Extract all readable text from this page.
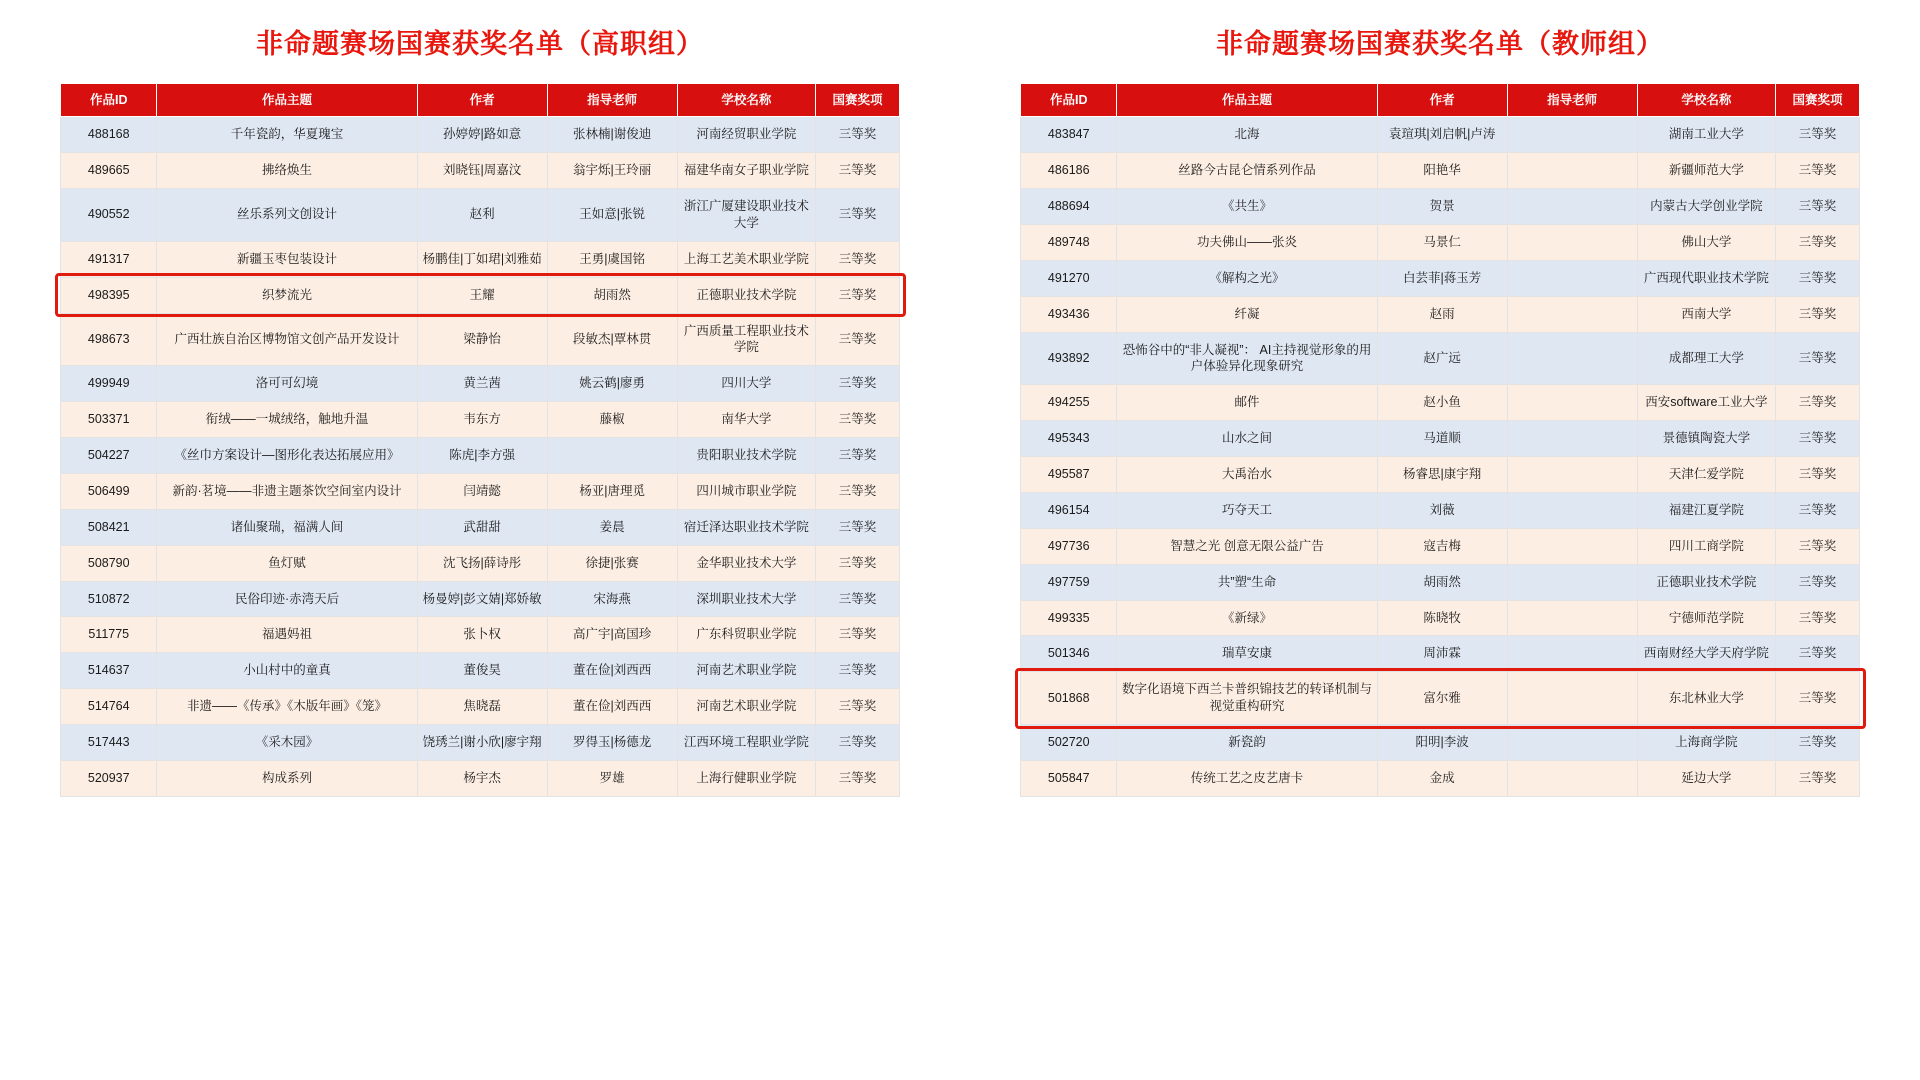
非命题赛场国赛获奖名单（高职组）
作品ID	作品主题	作者	指导老师	学校名称	国赛奖项
488168	千年瓷韵，华夏瑰宝	孙婷婷|路如意	张林楠|谢俊迪	河南经贸职业学院	三等奖
489665	拂络焕生	刘晓钰|周嘉汶	翁宇烁|王玲丽	福建华南女子职业学院	三等奖
490552	丝乐系列文创设计	赵利	王如意|张锐	浙江广厦建设职业技术大学	三等奖
491317	新疆玉枣包装设计	杨鹏佳|丁如珺|刘雅茹	王勇|虞国铭	上海工艺美术职业学院	三等奖
498395	织梦流光	王耀	胡雨然	正德职业技术学院	三等奖
498673	广西壮族自治区博物馆文创产品开发设计	梁静怡	段敏杰|覃林贯	广西质量工程职业技术学院	三等奖
499949	洛可可幻境	黄兰茜	姚云鹤|廖勇	四川大学	三等奖
503371	衔绒——一城绒络，触地升温	韦东方	藤椒	南华大学	三等奖
504227	《丝巾方案设计—图形化表达拓展应用》	陈虎|李方强		贵阳职业技术学院	三等奖
506499	新韵·茗境——非遗主题茶饮空间室内设计	闫靖懿	杨亚|唐理觅	四川城市职业学院	三等奖
508421	诸仙聚瑞，福满人间	武甜甜	姜晨	宿迁泽达职业技术学院	三等奖
508790	鱼灯赋	沈飞扬|薛诗彤	徐捷|张赛	金华职业技术大学	三等奖
510872	民俗印迹·赤湾天后	杨曼婷|彭文婧|郑娇敏	宋海燕	深圳职业技术大学	三等奖
511775	福遇妈祖	张卜权	高广宇|高国珍	广东科贸职业学院	三等奖
514637	小山村中的童真	董俊昊	董在俭|刘西西	河南艺术职业学院	三等奖
514764	非遗——《传承》《木版年画》《笼》	焦晓磊	董在俭|刘西西	河南艺术职业学院	三等奖
517443	《采木园》	饶琇兰|谢小欣|廖宇翔	罗得玉|杨德龙	江西环境工程职业学院	三等奖
520937	构成系列	杨宇杰	罗雄	上海行健职业学院	三等奖
非命题赛场国赛获奖名单（教师组）
作品ID	作品主题	作者	指导老师	学校名称	国赛奖项
483847	北海	袁瑄琪|刘启帆|卢涛		湖南工业大学	三等奖
486186	丝路今古昆仑情系列作品	阳艳华		新疆师范大学	三等奖
488694	《共生》	贺景		内蒙古大学创业学院	三等奖
489748	功夫佛山——张炎	马景仁		佛山大学	三等奖
491270	《解构之光》	白芸菲|蒋玉芳		广西现代职业技术学院	三等奖
493436	纤凝	赵雨		西南大学	三等奖
493892	恐怖谷中的“非人凝视”： AI主持视觉形象的用户体验异化现象研究	赵广远		成都理工大学	三等奖
494255	邮件	赵小鱼		西安software工业大学	三等奖
495343	山水之间	马道顺		景德镇陶瓷大学	三等奖
495587	大禹治水	杨睿思|康宇翔		天津仁爱学院	三等奖
496154	巧夺天工	刘薇		福建江夏学院	三等奖
497736	智慧之光 创意无限公益广告	寇吉梅		四川工商学院	三等奖
497759	共”塑“生命	胡雨然		正德职业技术学院	三等奖
499335	《新绿》	陈晓牧		宁德师范学院	三等奖
501346	瑞草安康	周沛霖		西南财经大学天府学院	三等奖
501868	数字化语境下西兰卡普织锦技艺的转译机制与视觉重构研究	富尔雅		东北林业大学	三等奖
502720	新瓷韵	阳明|李波		上海商学院	三等奖
505847	传统工艺之皮艺唐卡	金成		延边大学	三等奖
